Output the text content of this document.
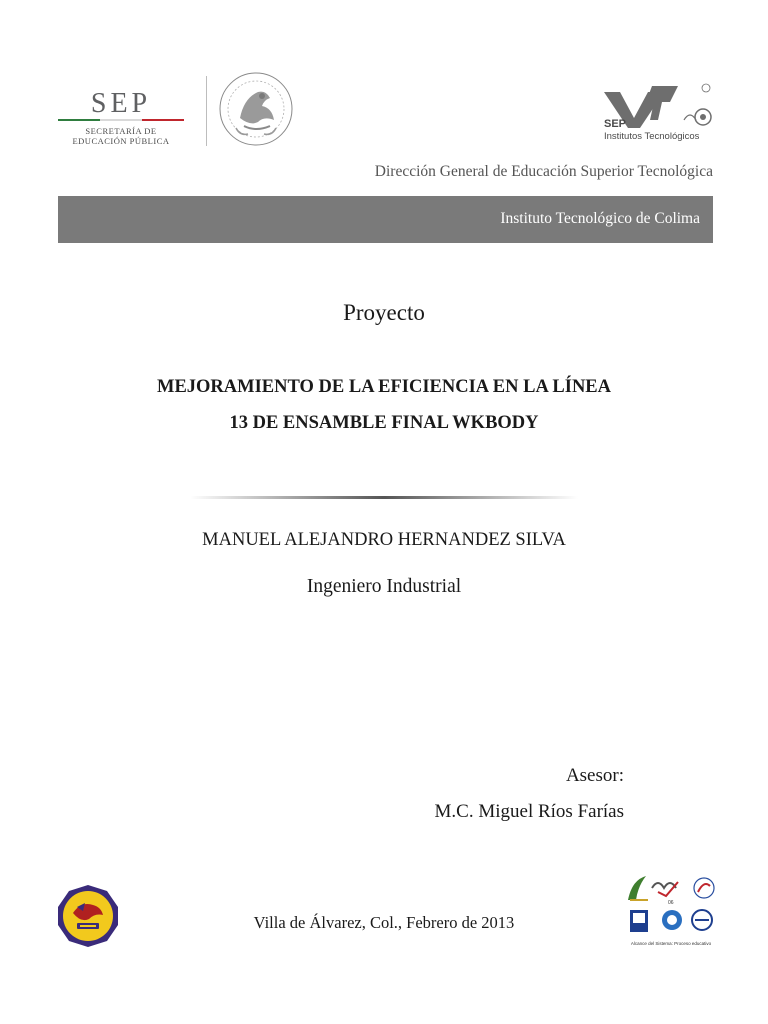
SEP
SECRETARÍA DE
EDUCACIÓN PÚBLICA
SEP
Institutos Tecnológicos
Dirección General de Educación Superior Tecnológica
Instituto Tecnológico de Colima
Proyecto
MEJORAMIENTO DE LA EFICIENCIA EN LA LÍNEA
13 DE ENSAMBLE FINAL WKBODY
MANUEL ALEJANDRO HERNANDEZ SILVA
Ingeniero Industrial
Asesor:
M.C. Miguel Ríos Farías
Villa de Álvarez, Col., Febrero de 2013
06
Alcance del Sistema: Proceso educativo
